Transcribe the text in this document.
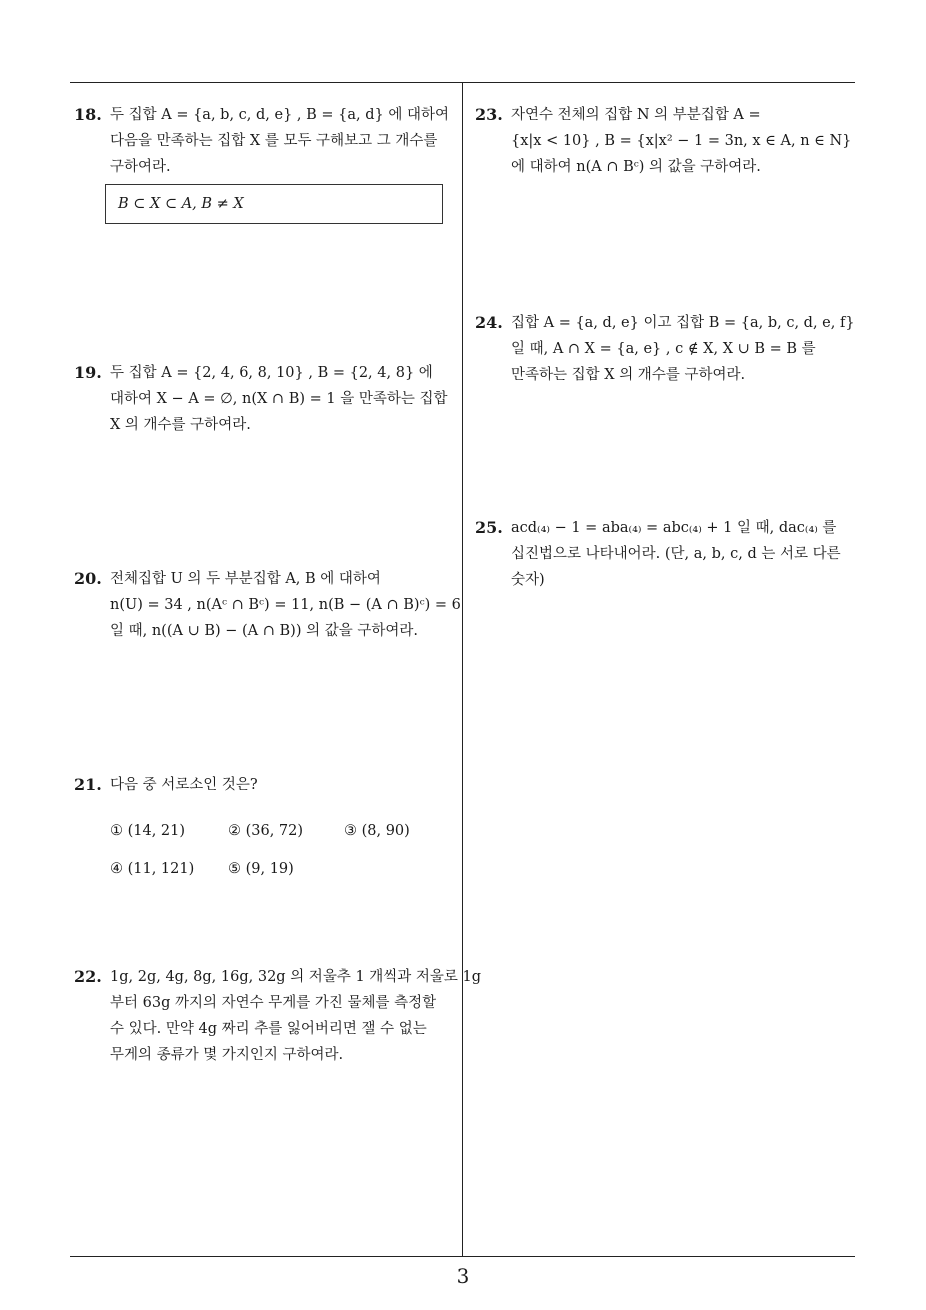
18. 두 집합 A = {a, b, c, d, e} , B = {a, d} 에 대하여
다음을 만족하는 집합 X 를 모두 구해보고 그 개수를
구하여라.
B ⊂ X ⊂ A, B ≠ X
19. 두 집합 A = {2, 4, 6, 8, 10} , B = {2, 4, 8} 에
대하여 X − A = ∅, n(X ∩ B) = 1 을 만족하는 집합
X 의 개수를 구하여라.
20. 전체집합 U 의 두 부분집합 A, B 에 대하여
n(U) = 34 , n(Aᶜ ∩ Bᶜ) = 11, n(B − (A ∩ B)ᶜ) = 6
일 때, n((A ∪ B) − (A ∩ B)) 의 값을 구하여라.
21. 다음 중 서로소인 것은?
① (14, 21)	② (36, 72)	③ (8, 90)
④ (11, 121) ⑤ (9, 19)
22. 1g, 2g, 4g, 8g, 16g, 32g 의 저울추 1 개씩과 저울로 1g
부터 63g 까지의 자연수 무게를 가진 물체를 측정할
수 있다. 만약 4g 짜리 추를 잃어버리면 잴 수 없는
무게의 종류가 몇 가지인지 구하여라.
23. 자연수 전체의 집합 N 의 부분집합 A =
{x|x < 10} , B = {x|x² − 1 = 3n, x ∈ A, n ∈ N}
에 대하여 n(A ∩ Bᶜ) 의 값을 구하여라.
24. 집합 A = {a, d, e} 이고 집합 B = {a, b, c, d, e, f}
일 때, A ∩ X = {a, e} , c ∉ X, X ∪ B = B 를
만족하는 집합 X 의 개수를 구하여라.
25. acd₍₄₎ − 1 = aba₍₄₎ = abc₍₄₎ + 1 일 때, dac₍₄₎ 를
십진법으로 나타내어라. (단, a, b, c, d 는 서로 다른
숫자)
3
